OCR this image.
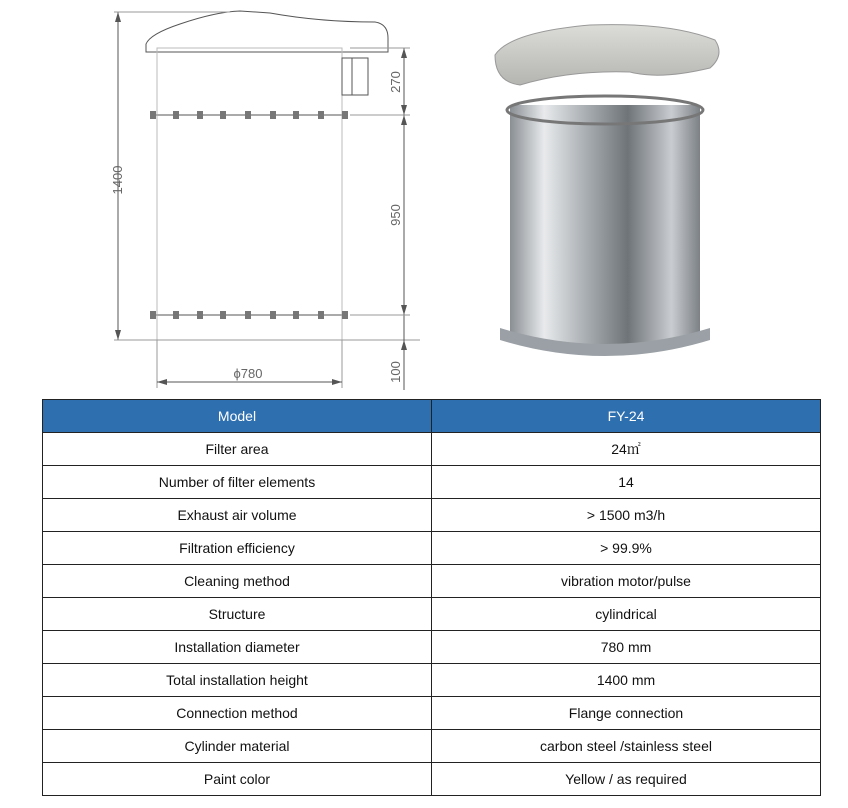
1400
270
950
100
ϕ780
Model	FY-24
Filter area	24㎡
Number of filter elements	14
Exhaust air volume	> 1500 m3/h
Filtration efficiency	> 99.9%
Cleaning method	vibration motor/pulse
Structure	cylindrical
Installation diameter	780 mm
Total installation height	1400 mm
Connection method	Flange connection
Cylinder material	carbon steel /stainless steel
Paint color	Yellow / as required
